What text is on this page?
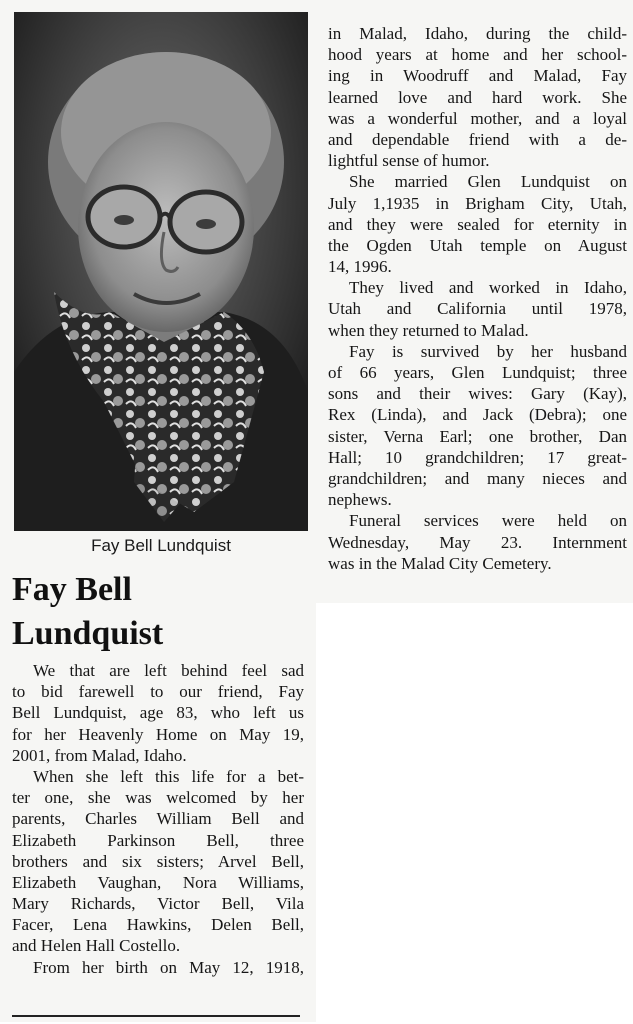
Fay Bell Lundquist
Fay Bell
Lundquist
We that are left behind feel sad
to bid farewell to our friend, Fay
Bell Lundquist, age 83, who left us
for her Heavenly Home on May 19,
2001, from Malad, Idaho.
When she left this life for a bet-
ter one, she was welcomed by her
parents, Charles William Bell and
Elizabeth Parkinson Bell, three
brothers and six sisters; Arvel Bell,
Elizabeth Vaughan, Nora Williams,
Mary Richards, Victor Bell, Vila
Facer, Lena Hawkins, Delen Bell,
and Helen Hall Costello.
From her birth on May 12, 1918,
in Malad, Idaho, during the child-
hood years at home and her school-
ing in Woodruff and Malad, Fay
learned love and hard work. She
was a wonderful mother, and a loyal
and dependable friend with a de-
lightful sense of humor.
She married Glen Lundquist on
July 1,1935 in Brigham City, Utah,
and they were sealed for eternity in
the Ogden Utah temple on August
14, 1996.
They lived and worked in Idaho,
Utah and California until 1978,
when they returned to Malad.
Fay is survived by her husband
of 66 years, Glen Lundquist; three
sons and their wives: Gary (Kay),
Rex (Linda), and Jack (Debra); one
sister, Verna Earl; one brother, Dan
Hall; 10 grandchildren; 17 great-
grandchildren; and many nieces and
nephews.
Funeral services were held on
Wednesday, May 23. Internment
was in the Malad City Cemetery.
